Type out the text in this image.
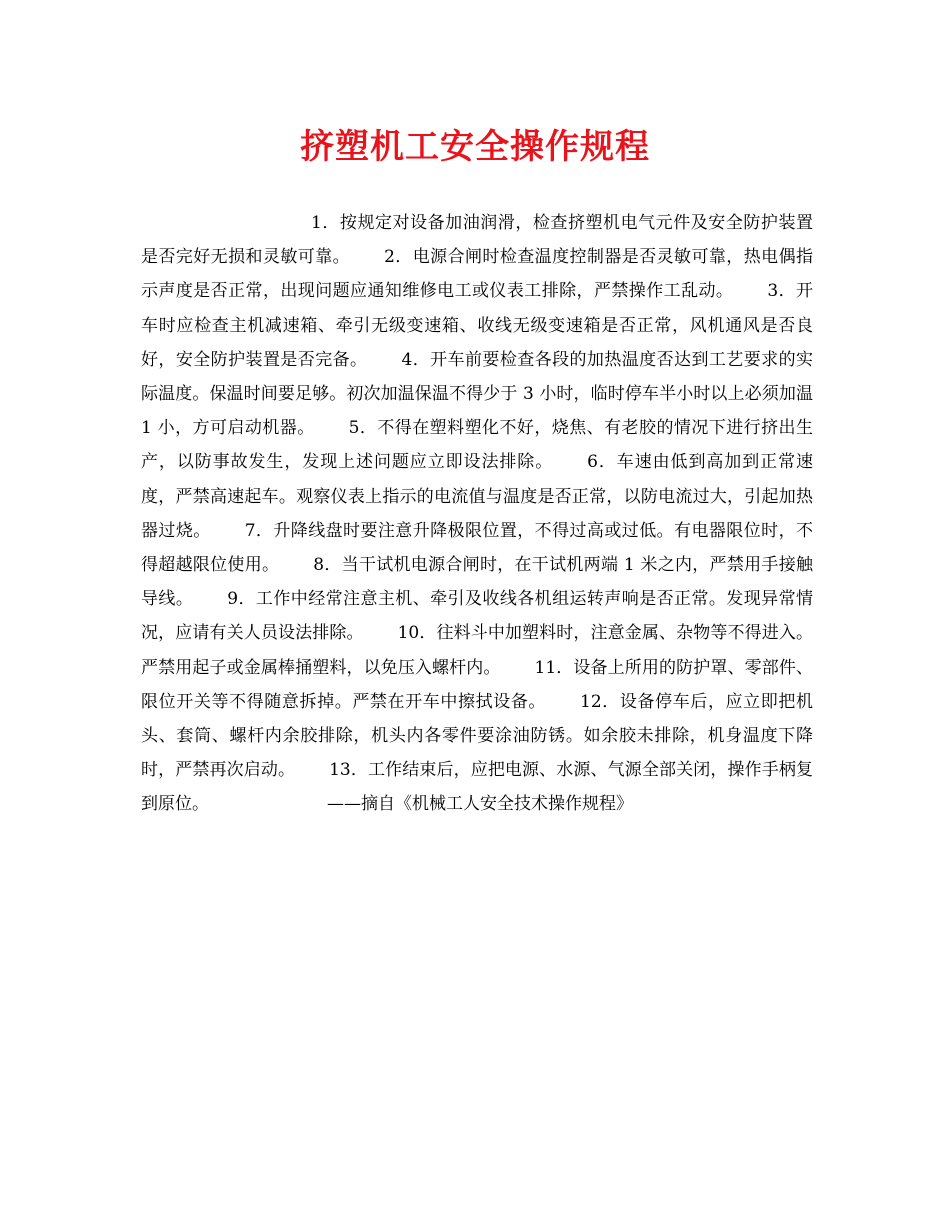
挤塑机工安全操作规程

1．按规定对设备加油润滑，检查挤塑机电气元件及安全防护装置是否完好无损和灵敏可靠。 2．电源合闸时检查温度控制器是否灵敏可靠，热电偶指示声度是否正常，出现问题应通知维修电工或仪表工排除，严禁操作工乱动。 3．开车时应检查主机减速箱、牵引无级变速箱、收线无级变速箱是否正常，风机通风是否良好，安全防护装置是否完备。 4．开车前要检查各段的加热温度否达到工艺要求的实际温度。保温时间要足够。初次加温保温不得少于 3 小时，临时停车半小时以上必须加温 1 小，方可启动机器。 5．不得在塑料塑化不好，烧焦、有老胶的情况下进行挤出生产，以防事故发生，发现上述问题应立即设法排除。 6．车速由低到高加到正常速度，严禁高速起车。观察仪表上指示的电流值与温度是否正常，以防电流过大，引起加热器过烧。 7．升降线盘时要注意升降极限位置，不得过高或过低。有电器限位时，不得超越限位使用。 8．当干试机电源合闸时，在干试机两端 1 米之内，严禁用手接触导线。 9．工作中经常注意主机、牵引及收线各机组运转声响是否正常。发现异常情况，应请有关人员设法排除。 10．往料斗中加塑料时，注意金属、杂物等不得进入。严禁用起子或金属棒捅塑料，以免压入螺杆内。 11．设备上所用的防护罩、零部件、限位开关等不得随意拆掉。严禁在开车中擦拭设备。 12．设备停车后，应立即把机头、套筒、螺杆内余胶排除，机头内各零件要涂油防锈。如余胶未排除，机身温度下降时，严禁再次启动。 13．工作结束后，应把电源、水源、气源全部关闭，操作手柄复到原位。	——摘自《机械工人安全技术操作规程》
